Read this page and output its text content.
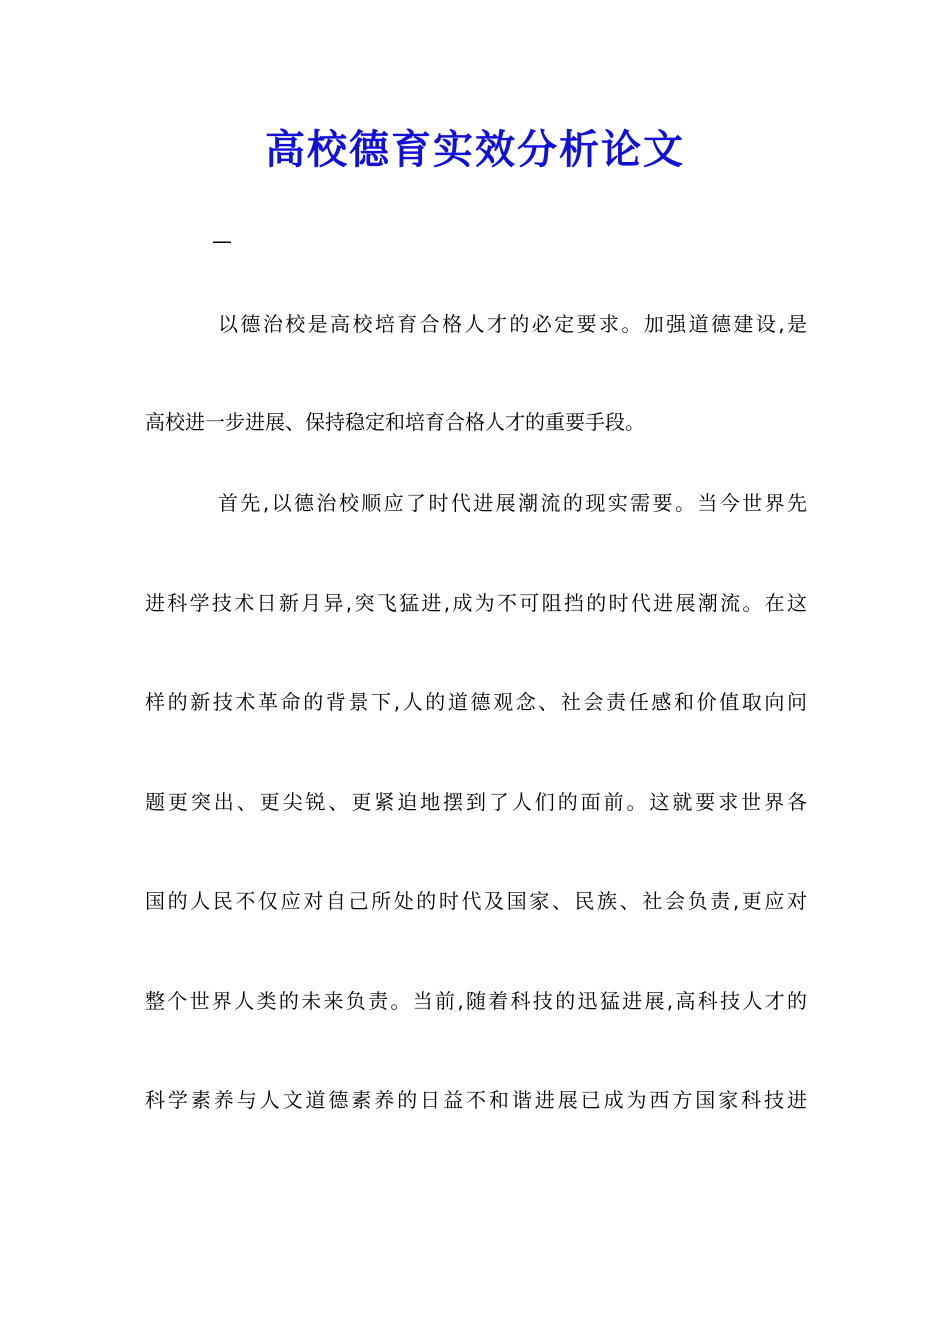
高校德育实效分析论文
—
以德治校是高校培育合格人才的必定要求。加强道德建设,是
高校进一步进展、保持稳定和培育合格人才的重要手段。
首先,以德治校顺应了时代进展潮流的现实需要。当今世界先
进科学技术日新月异,突飞猛进,成为不可阻挡的时代进展潮流。在这
样的新技术革命的背景下,人的道德观念、社会责任感和价值取向问
题更突出、更尖锐、更紧迫地摆到了人们的面前。这就要求世界各
国的人民不仅应对自己所处的时代及国家、民族、社会负责,更应对
整个世界人类的未来负责。当前,随着科技的迅猛进展,高科技人才的
科学素养与人文道德素养的日益不和谐进展已成为西方国家科技进
